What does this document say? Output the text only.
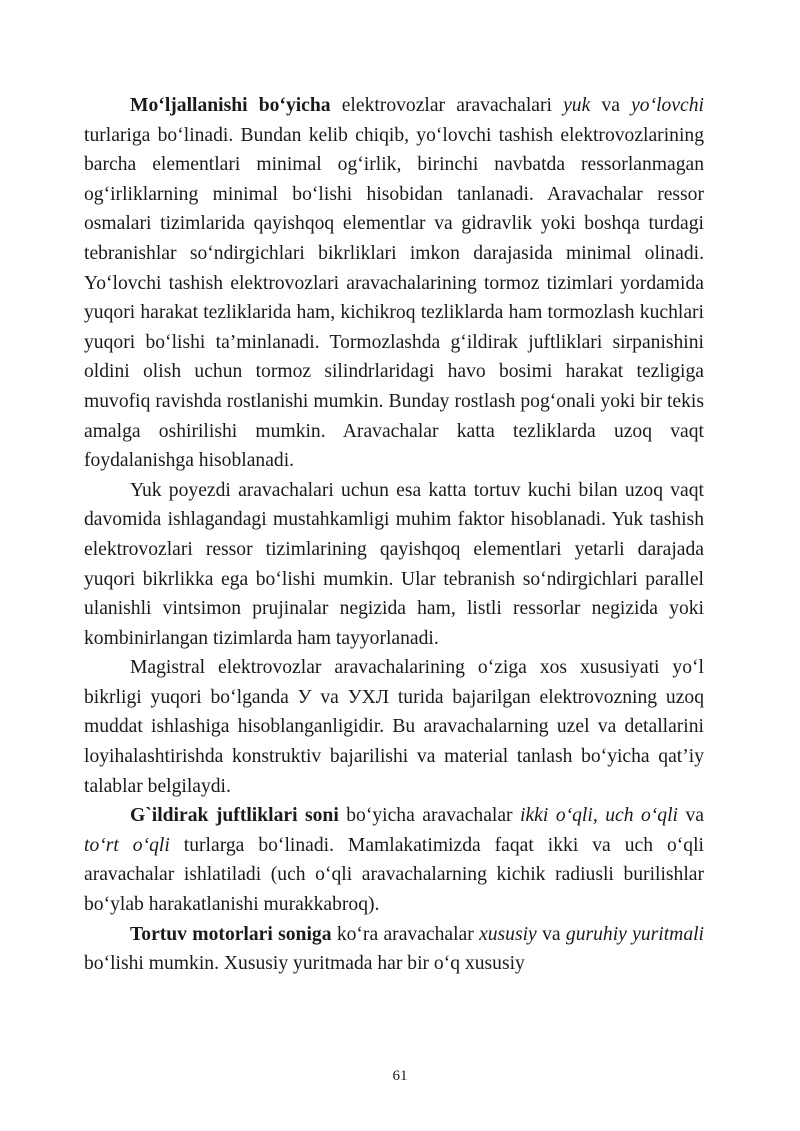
Mo‘ljallanishi bo‘yicha elektrovozlar aravachalari yuk va yo‘lovchi turlariga bo‘linadi. Bundan kelib chiqib, yo‘lovchi tashish elektrovozlarining barcha elementlari minimal og‘irlik, birinchi navbatda ressorlanmagan og‘irliklarning minimal bo‘lishi hisobidan tanlanadi. Aravachalar ressor osmalari tizimlarida qayishqoq elementlar va gidravlik yoki boshqa turdagi tebranishlar so‘ndirgichlari bikrliklari imkon darajasida minimal olinadi. Yo‘lovchi tashish elektrovozlari aravachalarining tormoz tizimlari yordamida yuqori harakat tezliklarida ham, kichikroq tezliklarda ham tormozlash kuchlari yuqori bo‘lishi ta’minlanadi. Tormozlashda g‘ildirak juftliklari sirpanishini oldini olish uchun tormoz silindrlaridagi havo bosimi harakat tezligiga muvofiq ravishda rostlanishi mumkin. Bunday rostlash pog‘onali yoki bir tekis amalga oshirilishi mumkin. Aravachalar katta tezliklarda uzoq vaqt foydalanishga hisoblanadi.

Yuk poyezdi aravachalari uchun esa katta tortuv kuchi bilan uzoq vaqt davomida ishlagandagi mustahkamligi muhim faktor hisoblanadi. Yuk tashish elektrovozlari ressor tizimlarining qayishqoq elementlari yetarli darajada yuqori bikrlikka ega bo‘lishi mumkin. Ular tebranish so‘ndirgichlari parallel ulanishli vintsimon prujinalar negizida ham, listli ressorlar negizida yoki kombinirlangan tizimlarda ham tayyorlanadi.

Magistral elektrovozlar aravachalarining o‘ziga xos xususiyati yo‘l bikrligi yuqori bo‘lganda У va УХЛ turida bajarilgan elektrovozning uzoq muddat ishlashiga hisoblanganligidir. Bu aravachalarning uzel va detallarini loyihalashtirishda konstruktiv bajarilishi va material tanlash bo‘yicha qat’iy talablar belgilaydi.

G`ildirak juftliklari soni bo‘yicha aravachalar ikki o‘qli, uch o‘qli va to‘rt o‘qli turlarga bo‘linadi. Mamlakatimizda faqat ikki va uch o‘qli aravachalar ishlatiladi (uch o‘qli aravachalarning kichik radiusli burilishlar bo‘ylab harakatlanishi murakkabroq).

Tortuv motorlari soniga ko‘ra aravachalar xususiy va guruhiy yuritmali bo‘lishi mumkin. Xususiy yuritmada har bir o‘q xususiy

61
